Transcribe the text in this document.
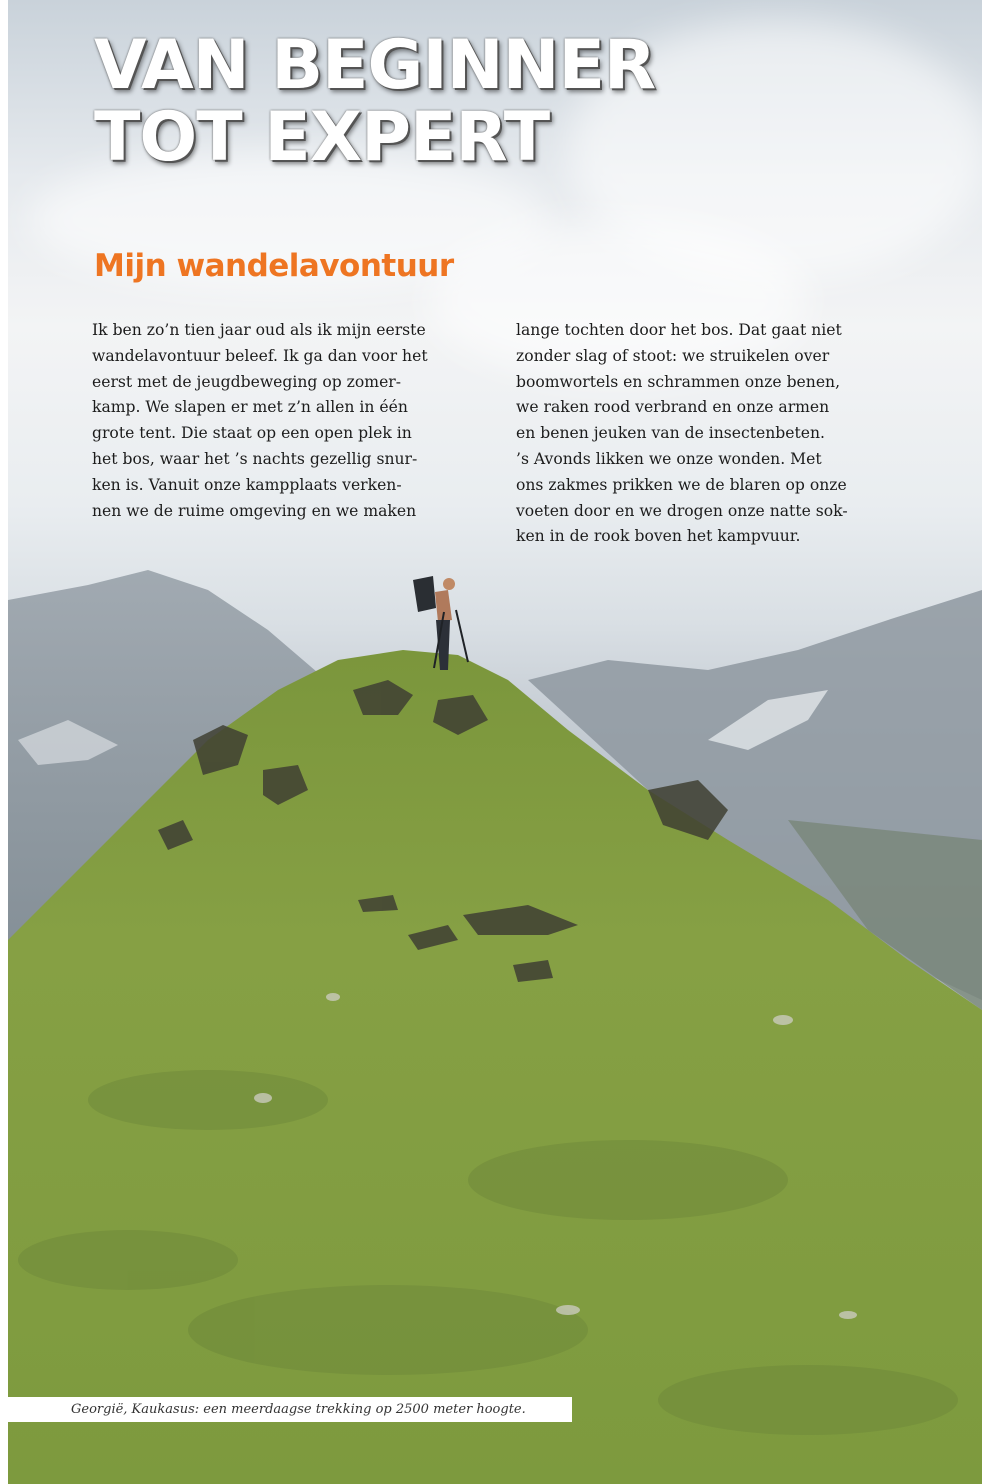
VAN BEGINNER
TOT EXPERT
Mijn wandelavontuur

Ik ben zo’n tien jaar oud als ik mijn eerste
wandelavontuur beleef. Ik ga dan voor het
eerst met de jeugdbeweging op zomer-
kamp. We slapen er met z’n allen in één
grote tent. Die staat op een open plek in
het bos, waar het ’s nachts gezellig snur-
ken is. Vanuit onze kampplaats verken-
nen we de ruime omgeving en we maken

lange tochten door het bos. Dat gaat niet
zonder slag of stoot: we struikelen over
boomwortels en schrammen onze benen,
we raken rood verbrand en onze armen
en benen jeuken van de insectenbeten.
’s Avonds likken we onze wonden. Met
ons zakmes prikken we de blaren op onze
voeten door en we drogen onze natte sok-
ken in de rook boven het kampvuur.

Georgië, Kaukasus: een meerdaagse trekking op 2500 meter hoogte.
